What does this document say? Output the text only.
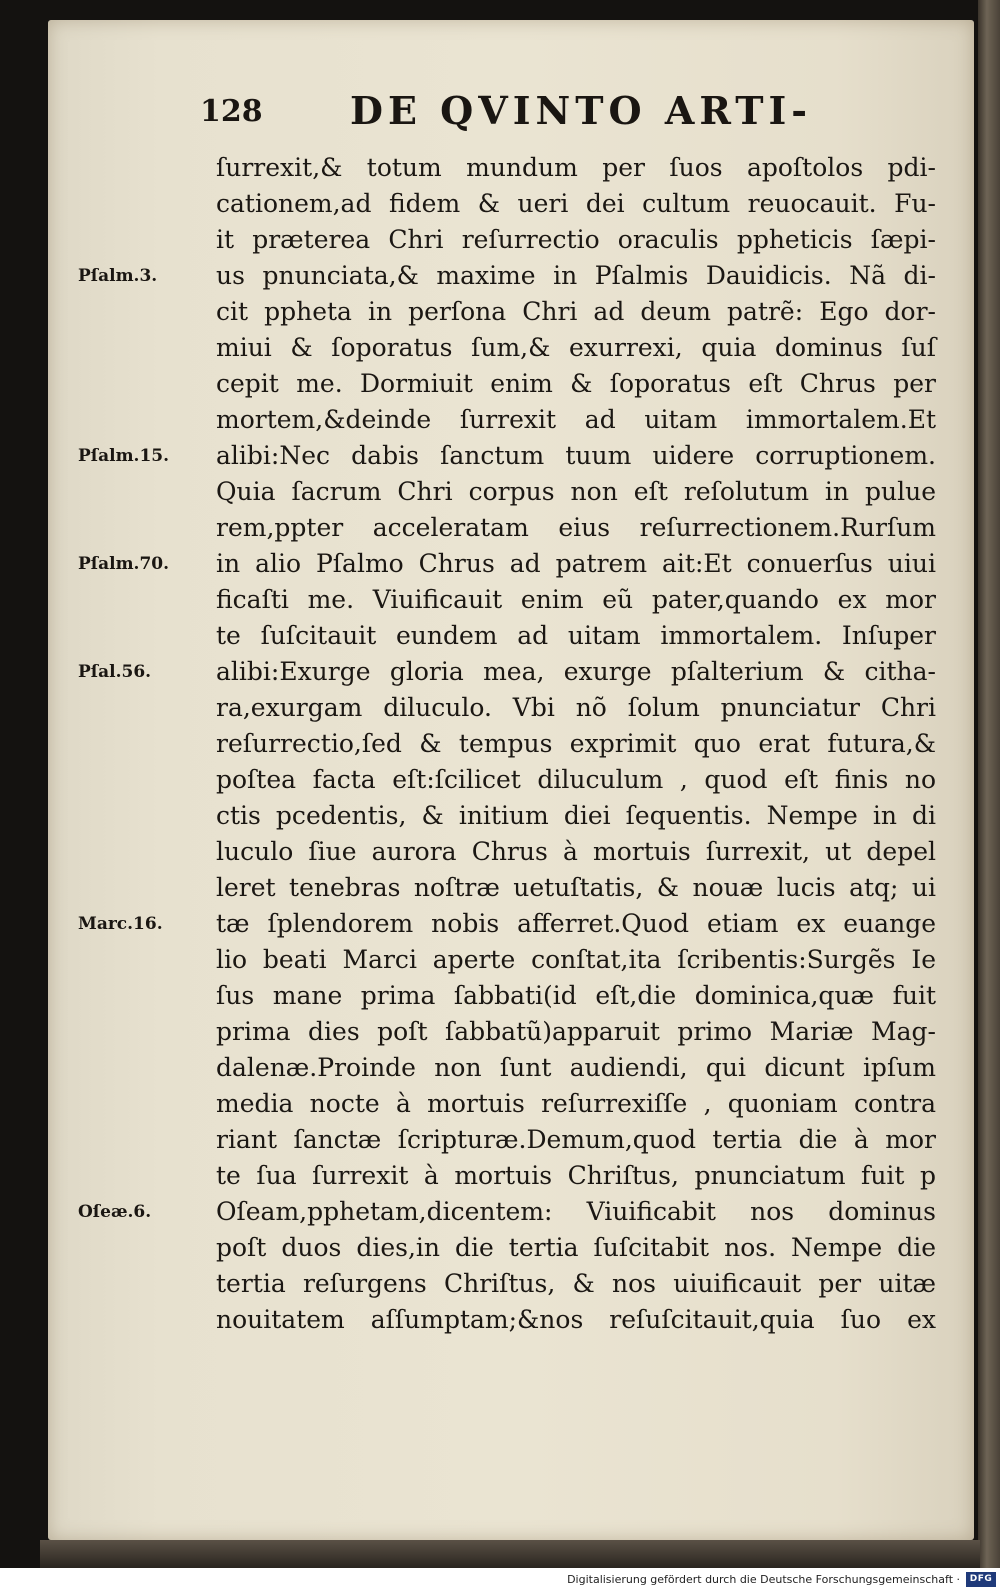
128 DE QVINTO ARTI-
ſurrexit,& totum mundum per ſuos apoſtolos pdi-
cationem,ad fidem & ueri dei cultum reuocauit. Fu-
it præterea Chri reſurrectio oraculis ppheticis ſæpi-
us pnunciata,& maxime in Pſalmis Dauidicis. Nã di-
cit ppheta in perſona Chri ad deum patrẽ: Ego dor-
miui & ſoporatus ſum,& exurrexi, quia dominus ſuſ
cepit me. Dormiuit enim & ſoporatus eſt Chrus per
mortem,&deinde ſurrexit ad uitam immortalem.Et
alibi:Nec dabis ſanctum tuum uidere corruptionem.
Quia ſacrum Chri corpus non eſt reſolutum in pulue
rem,ppter acceleratam eius reſurrectionem.Rurſum
in alio Pſalmo Chrus ad patrem ait:Et conuerſus uiui
ficaſti me. Viuificauit enim eũ pater,quando ex mor
te ſuſcitauit eundem ad uitam immortalem. Inſuper
alibi:Exurge gloria mea, exurge pſalterium & citha-
ra,exurgam diluculo. Vbi nõ ſolum pnunciatur Chri
reſurrectio,ſed & tempus exprimit quo erat futura,&
poſtea facta eſt:ſcilicet diluculum , quod eſt finis no
ctis pcedentis, & initium diei ſequentis. Nempe in di
luculo ſiue aurora Chrus à mortuis ſurrexit, ut depel
leret tenebras noſtræ uetuſtatis, & nouæ lucis atq; ui
tæ ſplendorem nobis afferret.Quod etiam ex euange
lio beati Marci aperte conſtat,ita ſcribentis:Surgẽs Ie
ſus mane prima ſabbati(id eſt,die dominica,quæ fuit
prima dies poſt ſabbatũ)apparuit primo Mariæ Mag-
dalenæ.Proinde non ſunt audiendi, qui dicunt ipſum
media nocte à mortuis reſurrexiſſe , quoniam contra
riant ſanctæ ſcripturæ.Demum,quod tertia die à mor
te ſua ſurrexit à mortuis Chriſtus, pnunciatum fuit p
Oſeam,pphetam,dicentem: Viuificabit nos dominus
poſt duos dies,in die tertia ſuſcitabit nos. Nempe die
tertia reſurgens Chriſtus, & nos uiuificauit per uitæ
nouitatem aſſumptam;&nos reſuſcitauit,quia ſuo ex
Pſalm.3.
Pſalm.15.
Pſalm.70.
Pſal.56.
Marc.16.
Oſeæ.6.
Digitalisierung gefördert durch die Deutsche Forschungsgemeinschaft ·	DFG
